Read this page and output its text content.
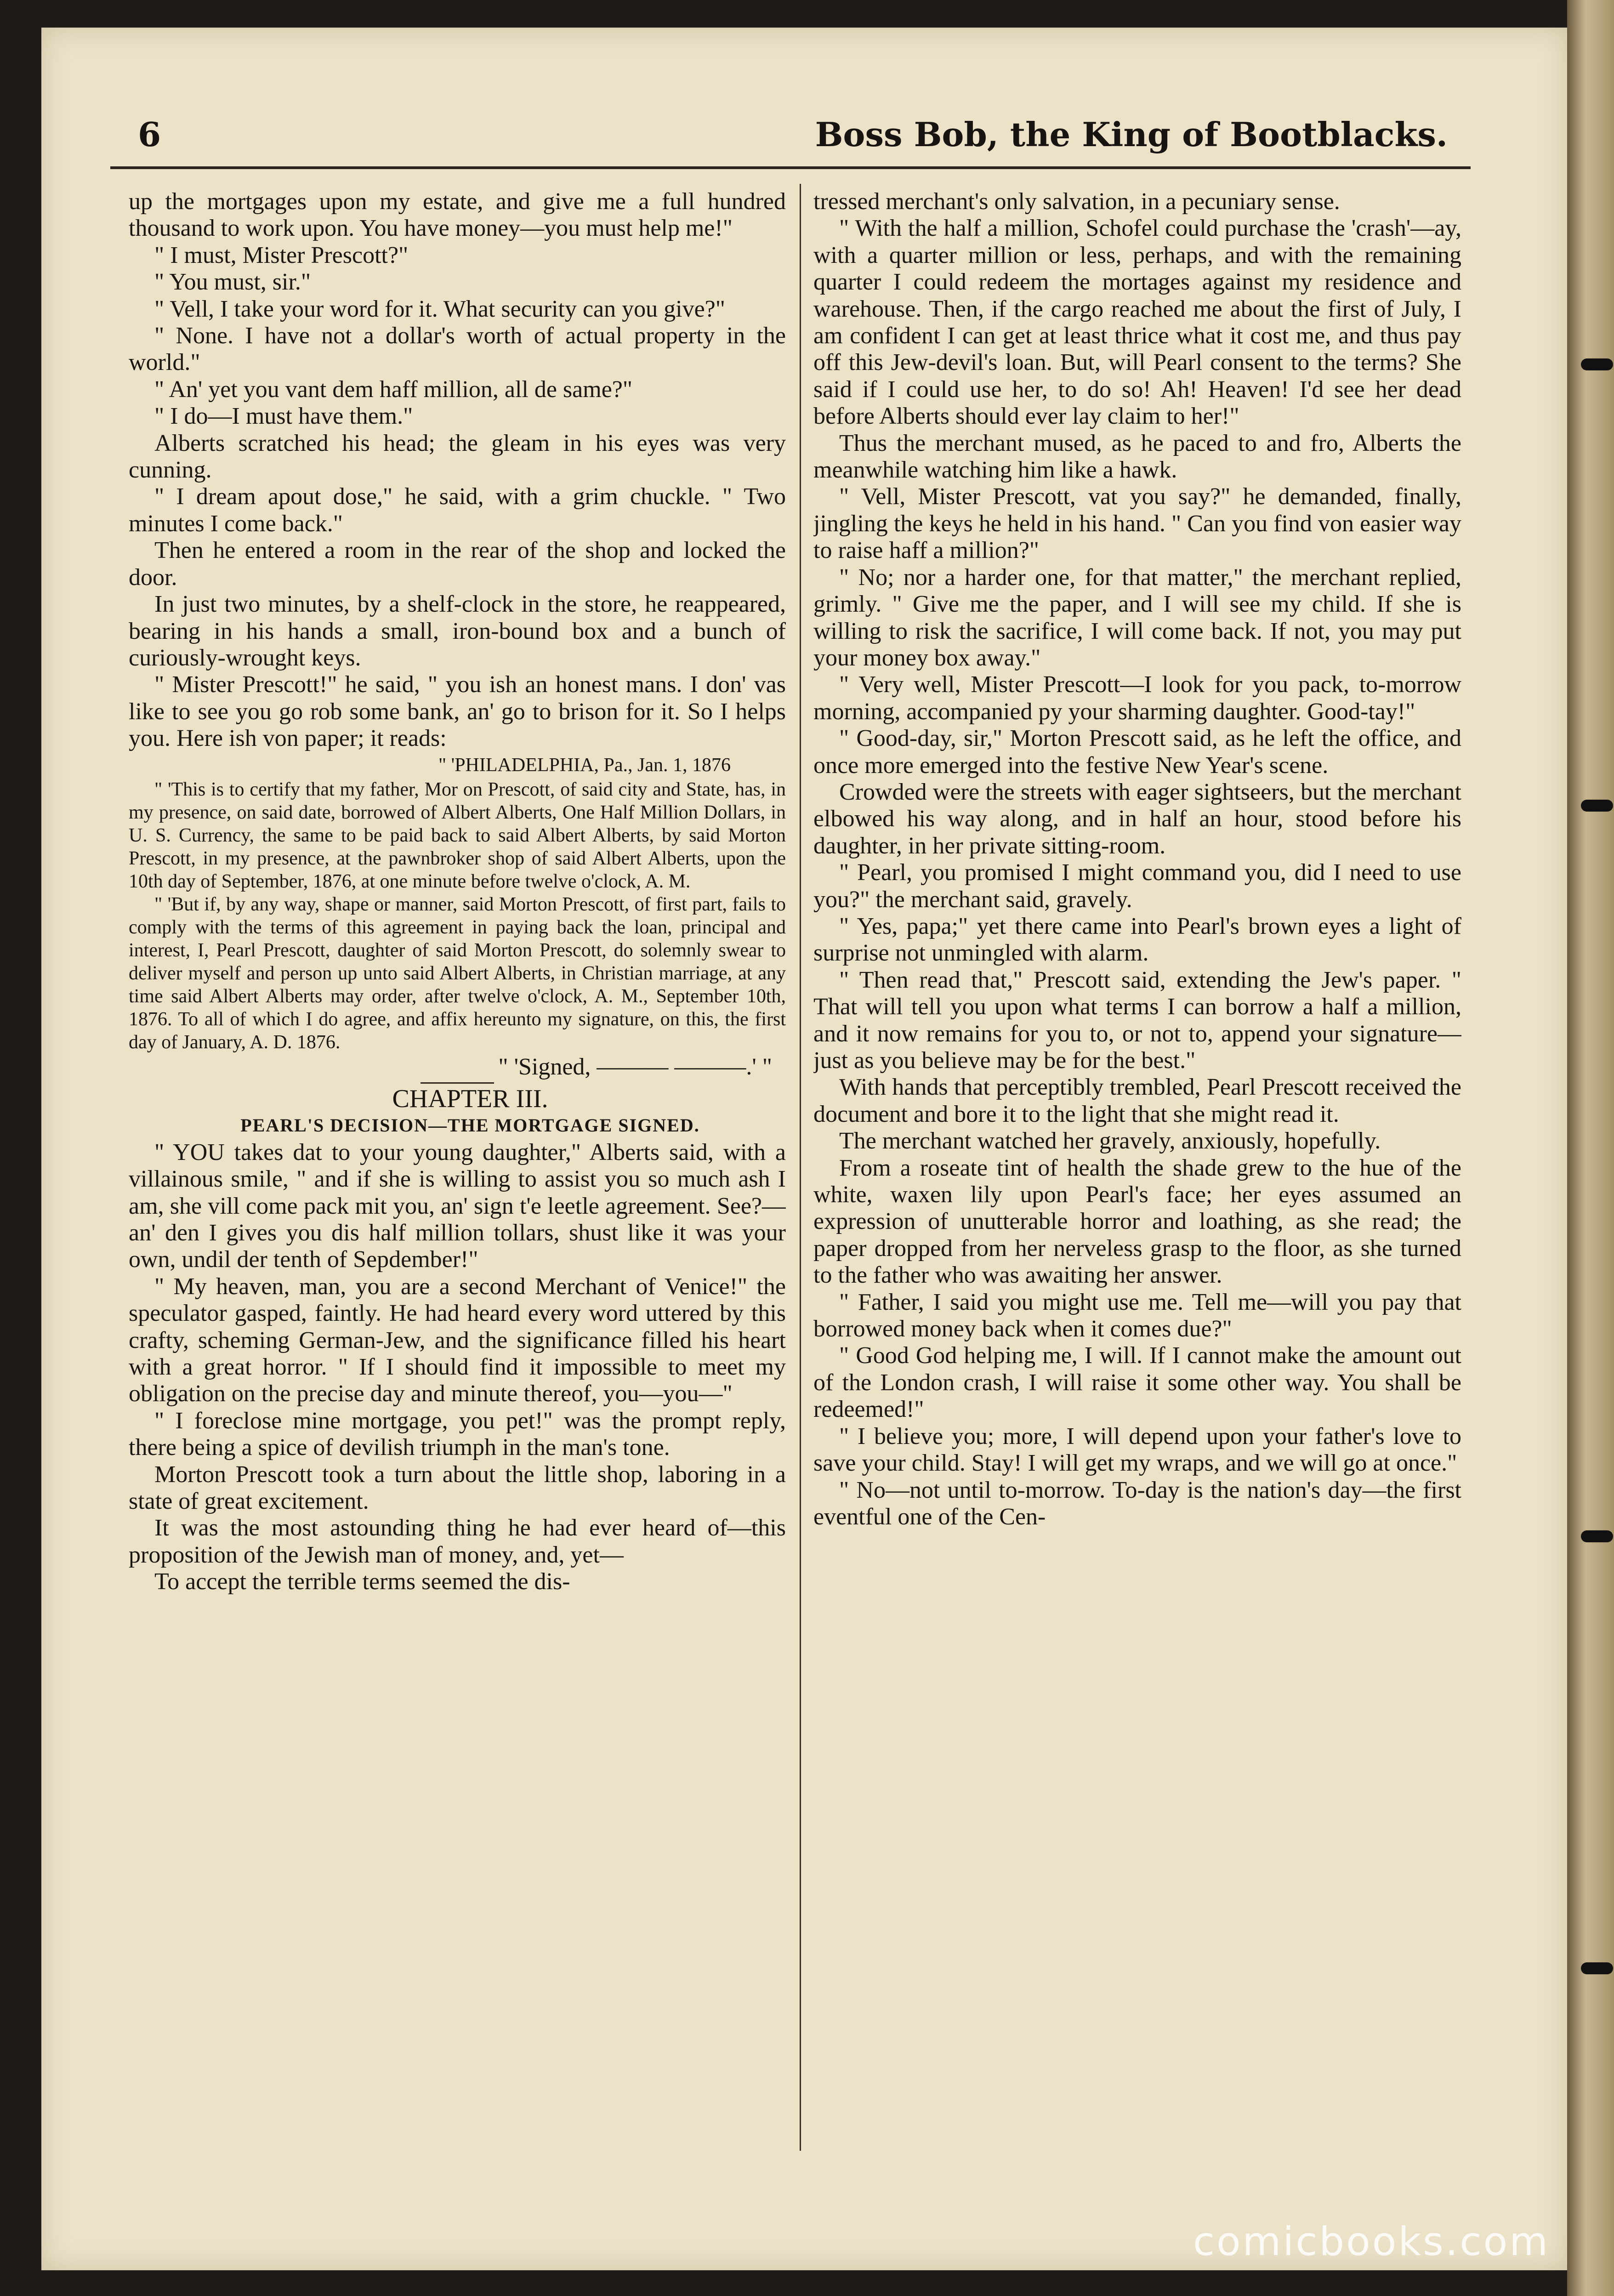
6	Boss Bob, the King of Bootblacks.

up the mortgages upon my estate, and give me a full hundred thousand to work upon. You have money—you must help me!"

" I must, Mister Prescott?"

" You must, sir."

" Vell, I take your word for it. What security can you give?"

" None. I have not a dollar's worth of actual property in the world."

" An' yet you vant dem haff million, all de same?"

" I do—I must have them."

Alberts scratched his head; the gleam in his eyes was very cunning.

" I dream apout dose," he said, with a grim chuckle. " Two minutes I come back."

Then he entered a room in the rear of the shop and locked the door.

In just two minutes, by a shelf-clock in the store, he reappeared, bearing in his hands a small, iron-bound box and a bunch of curiously-wrought keys.

" Mister Prescott!" he said, " you ish an honest mans. I don' vas like to see you go rob some bank, an' go to brison for it. So I helps you. Here ish von paper; it reads:

" 'PHILADELPHIA, Pa., Jan. 1, 1876

" 'This is to certify that my father, Mor on Prescott, of said city and State, has, in my presence, on said date, borrowed of Albert Alberts, One Half Million Dollars, in U. S. Currency, the same to be paid back to said Albert Alberts, by said Morton Prescott, in my presence, at the pawnbroker shop of said Albert Alberts, upon the 10th day of September, 1876, at one minute before twelve o'clock, A. M.

" 'But if, by any way, shape or manner, said Morton Prescott, of first part, fails to comply with the terms of this agreement in paying back the loan, principal and interest, I, Pearl Prescott, daughter of said Morton Prescott, do solemnly swear to deliver myself and person up unto said Albert Alberts, in Christian marriage, at any time said Albert Alberts may order, after twelve o'clock, A. M., September 10th, 1876. To all of which I do agree, and affix hereunto my signature, on this, the first day of January, A. D. 1876.

" 'Signed, ——— ———.' "

CHAPTER III.

PEARL'S DECISION—THE MORTGAGE SIGNED.

" YOU takes dat to your young daughter," Alberts said, with a villainous smile, " and if she is willing to assist you so much ash I am, she vill come pack mit you, an' sign t'e leetle agreement. See?—an' den I gives you dis half million tollars, shust like it was your own, undil der tenth of Sepdember!"

" My heaven, man, you are a second Merchant of Venice!" the speculator gasped, faintly. He had heard every word uttered by this crafty, scheming German-Jew, and the significance filled his heart with a great horror. " If I should find it impossible to meet my obligation on the precise day and minute thereof, you—you—"

" I foreclose mine mortgage, you pet!" was the prompt reply, there being a spice of devilish triumph in the man's tone.

Morton Prescott took a turn about the little shop, laboring in a state of great excitement.

It was the most astounding thing he had ever heard of—this proposition of the Jewish man of money, and, yet—

To accept the terrible terms seemed the dis-

tressed merchant's only salvation, in a pecuniary sense.

" With the half a million, Schofel could purchase the 'crash'—ay, with a quarter million or less, perhaps, and with the remaining quarter I could redeem the mortages against my residence and warehouse. Then, if the cargo reached me about the first of July, I am confident I can get at least thrice what it cost me, and thus pay off this Jew-devil's loan. But, will Pearl consent to the terms? She said if I could use her, to do so! Ah! Heaven! I'd see her dead before Alberts should ever lay claim to her!"

Thus the merchant mused, as he paced to and fro, Alberts the meanwhile watching him like a hawk.

" Vell, Mister Prescott, vat you say?" he demanded, finally, jingling the keys he held in his hand. " Can you find von easier way to raise haff a million?"

" No; nor a harder one, for that matter," the merchant replied, grimly. " Give me the paper, and I will see my child. If she is willing to risk the sacrifice, I will come back. If not, you may put your money box away."

" Very well, Mister Prescott—I look for you pack, to-morrow morning, accompanied py your sharming daughter. Good-tay!"

" Good-day, sir," Morton Prescott said, as he left the office, and once more emerged into the festive New Year's scene.

Crowded were the streets with eager sightseers, but the merchant elbowed his way along, and in half an hour, stood before his daughter, in her private sitting-room.

" Pearl, you promised I might command you, did I need to use you?" the merchant said, gravely.

" Yes, papa;" yet there came into Pearl's brown eyes a light of surprise not unmingled with alarm.

" Then read that," Prescott said, extending the Jew's paper. " That will tell you upon what terms I can borrow a half a million, and it now remains for you to, or not to, append your signature—just as you believe may be for the best."

With hands that perceptibly trembled, Pearl Prescott received the document and bore it to the light that she might read it.

The merchant watched her gravely, anxiously, hopefully.

From a roseate tint of health the shade grew to the hue of the white, waxen lily upon Pearl's face; her eyes assumed an expression of unutterable horror and loathing, as she read; the paper dropped from her nerveless grasp to the floor, as she turned to the father who was awaiting her answer.

" Father, I said you might use me. Tell me—will you pay that borrowed money back when it comes due?"

" Good God helping me, I will. If I cannot make the amount out of the London crash, I will raise it some other way. You shall be redeemed!"

" I believe you; more, I will depend upon your father's love to save your child. Stay! I will get my wraps, and we will go at once."

" No—not until to-morrow. To-day is the nation's day—the first eventful one of the Cen-

comicbooks.com
